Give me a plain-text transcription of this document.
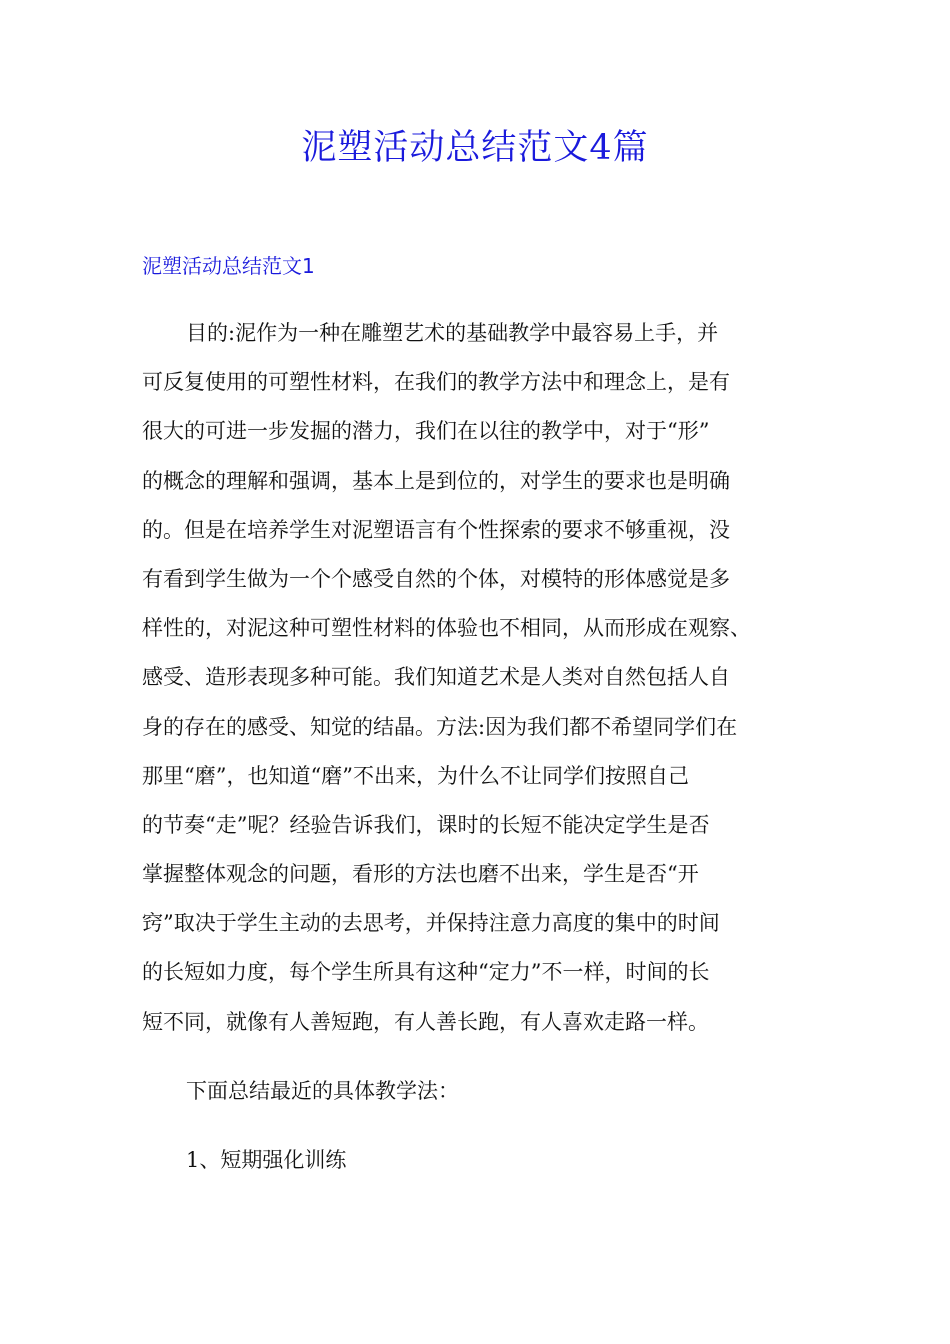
泥塑活动总结范文4篇
泥塑活动总结范文1
目的:泥作为一种在雕塑艺术的基础教学中最容易上手，并
可反复使用的可塑性材料，在我们的教学方法中和理念上，是有
很大的可进一步发掘的潜力，我们在以往的教学中，对于“形”
的概念的理解和强调，基本上是到位的，对学生的要求也是明确
的。但是在培养学生对泥塑语言有个性探索的要求不够重视，没
有看到学生做为一个个感受自然的个体，对模特的形体感觉是多
样性的，对泥这种可塑性材料的体验也不相同，从而形成在观察、
感受、造形表现多种可能。我们知道艺术是人类对自然包括人自
身的存在的感受、知觉的结晶。方法:因为我们都不希望同学们在
那里“磨”，也知道“磨”不出来，为什么不让同学们按照自己
的节奏“走”呢？经验告诉我们，课时的长短不能决定学生是否
掌握整体观念的问题，看形的方法也磨不出来，学生是否“开
窍”取决于学生主动的去思考，并保持注意力高度的集中的时间
的长短如力度，每个学生所具有这种“定力”不一样，时间的长
短不同，就像有人善短跑，有人善长跑，有人喜欢走路一样。

下面总结最近的具体教学法：

1、短期强化训练
